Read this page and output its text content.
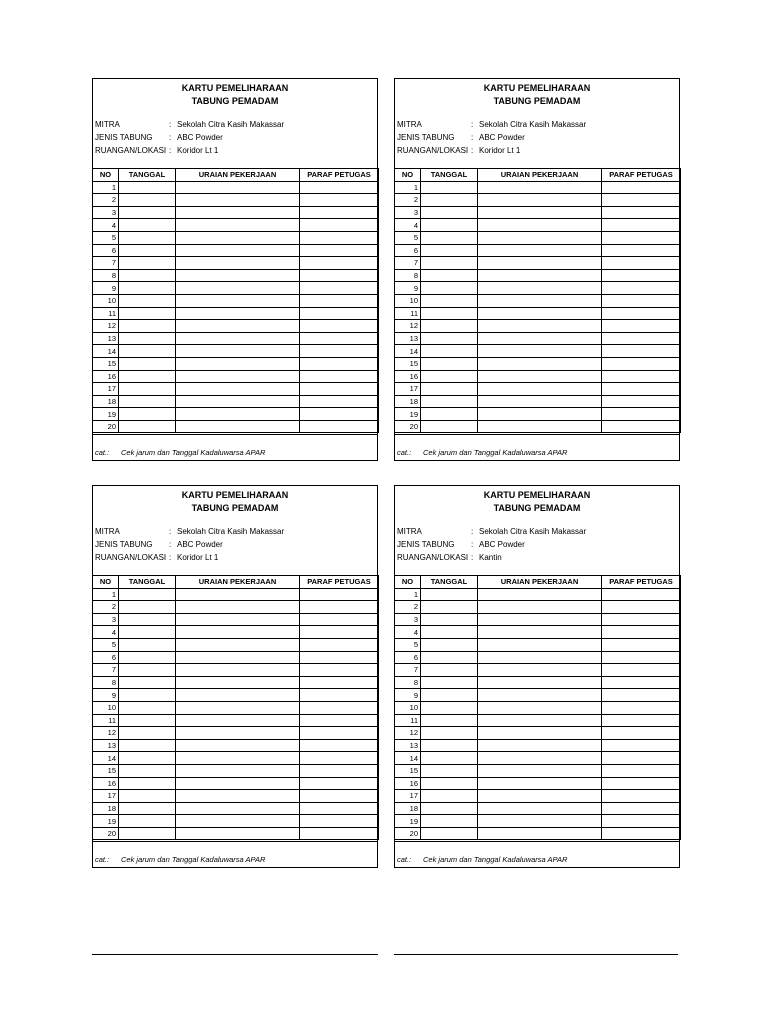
KARTU PEMELIHARAAN
TABUNG PEMADAM
MITRA	: Sekolah Citra Kasih Makassar
JENIS TABUNG	: ABC Powder
RUANGAN/LOKASI : Koridor Lt 1
NO	TANGGAL	URAIAN PEKERJAAN	PARAF PETUGAS
1			
2			
3			
4			
5			
6			
7			
8			
9			
10			
11			
12			
13			
14			
15			
16			
17			
18			
19			
20			
cat.: Cek jarum dan Tanggal Kadaluwarsa APAR
KARTU PEMELIHARAAN
TABUNG PEMADAM
MITRA	: Sekolah Citra Kasih Makassar
JENIS TABUNG	: ABC Powder
RUANGAN/LOKASI : Koridor Lt 1
NO	TANGGAL	URAIAN PEKERJAAN	PARAF PETUGAS
1			
2			
3			
4			
5			
6			
7			
8			
9			
10			
11			
12			
13			
14			
15			
16			
17			
18			
19			
20			
cat.: Cek jarum dan Tanggal Kadaluwarsa APAR
KARTU PEMELIHARAAN
TABUNG PEMADAM
MITRA	: Sekolah Citra Kasih Makassar
JENIS TABUNG	: ABC Powder
RUANGAN/LOKASI : Koridor Lt 1
NO	TANGGAL	URAIAN PEKERJAAN	PARAF PETUGAS
1			
2			
3			
4			
5			
6			
7			
8			
9			
10			
11			
12			
13			
14			
15			
16			
17			
18			
19			
20			
cat.: Cek jarum dan Tanggal Kadaluwarsa APAR
KARTU PEMELIHARAAN
TABUNG PEMADAM
MITRA	: Sekolah Citra Kasih Makassar
JENIS TABUNG	: ABC Powder
RUANGAN/LOKASI : Kantin
NO	TANGGAL	URAIAN PEKERJAAN	PARAF PETUGAS
1			
2			
3			
4			
5			
6			
7			
8			
9			
10			
11			
12			
13			
14			
15			
16			
17			
18			
19			
20			
cat.: Cek jarum dan Tanggal Kadaluwarsa APAR
